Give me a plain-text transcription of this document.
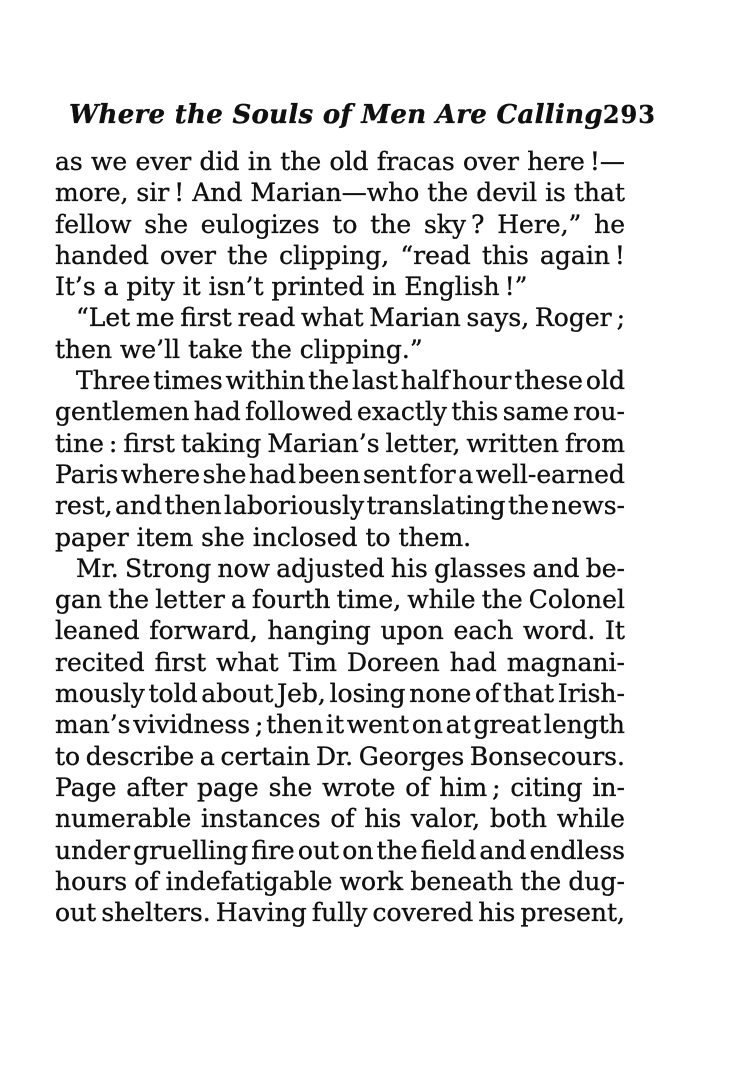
Where the Souls of Men Are Calling 293
as we ever did in the old fracas over here !—
more, sir ! And Marian—who the devil is that
fellow she eulogizes to the sky ? Here,” he
handed over the clipping, “read this again !
It’s a pity it isn’t printed in English !”
“Let me first read what Marian says, Roger ;
then we’ll take the clipping.”
Three times within the last half hour these old
gentlemen had followed exactly this same rou-
tine : first taking Marian’s letter, written from
Paris where she had been sent for a well-earned
rest, and then laboriously translating the news-
paper item she inclosed to them.
Mr. Strong now adjusted his glasses and be-
gan the letter a fourth time, while the Colonel
leaned forward, hanging upon each word. It
recited first what Tim Doreen had magnani-
mously told about Jeb, losing none of that Irish-
man’s vividness ; then it went on at great length
to describe a certain Dr. Georges Bonsecours.
Page after page she wrote of him ; citing in-
numerable instances of his valor, both while
under gruelling fire out on the field and endless
hours of indefatigable work beneath the dug-
out shelters. Having fully covered his present,
